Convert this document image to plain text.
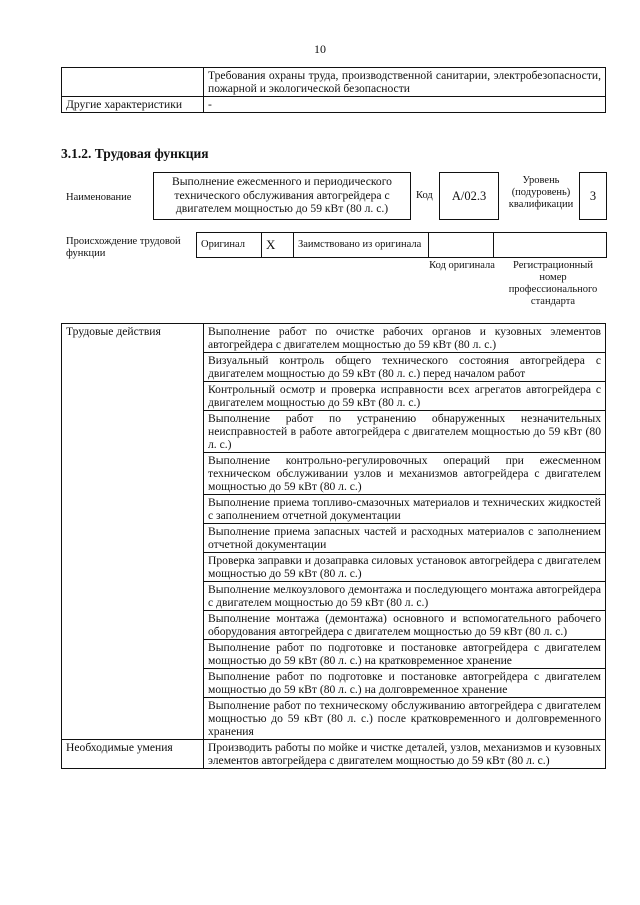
10
	Требования охраны труда, производственной санитарии, электробезопасности, пожарной и экологической безопасности
Другие характеристики	-
3.1.2. Трудовая функция
Наименование
Выполнение ежесменного и периодического технического обслуживания автогрейдера с двигателем мощностью до 59 кВт (80 л. с.)
Код	A/02.3
Уровень (подуровень) квалификации
3
Происхождение трудовой функции
Оригинал	X	Заимствовано из оригинала		
Код оригинала	Регистрационный номер профессионального стандарта
Трудовые действия	Выполнение работ по очистке рабочих органов и кузовных элементов автогрейдера с двигателем мощностью до 59 кВт (80 л. с.)
	Визуальный контроль общего технического состояния автогрейдера с двигателем мощностью до 59 кВт (80 л. с.) перед началом работ
	Контрольный осмотр и проверка исправности всех агрегатов автогрейдера с двигателем мощностью до 59 кВт (80 л. с.)
	Выполнение работ по устранению обнаруженных незначительных неисправностей в работе автогрейдера с двигателем мощностью до 59 кВт (80 л. с.)
	Выполнение контрольно-регулировочных операций при ежесменном техническом обслуживании узлов и механизмов автогрейдера с двигателем мощностью до 59 кВт (80 л. с.)
	Выполнение приема топливо-смазочных материалов и технических жидкостей с заполнением отчетной документации
	Выполнение приема запасных частей и расходных материалов с заполнением отчетной документации
	Проверка заправки и дозаправка силовых установок автогрейдера с двигателем мощностью до 59 кВт (80 л. с.)
	Выполнение мелкоузлового демонтажа и последующего монтажа автогрейдера с двигателем мощностью до 59 кВт (80 л. с.)
	Выполнение монтажа (демонтажа) основного и вспомогательного рабочего оборудования автогрейдера с двигателем мощностью до 59 кВт (80 л. с.)
	Выполнение работ по подготовке и постановке автогрейдера с двигателем мощностью до 59 кВт (80 л. с.) на кратковременное хранение
	Выполнение работ по подготовке и постановке автогрейдера с двигателем мощностью до 59 кВт (80 л. с.) на долговременное хранение
	Выполнение работ по техническому обслуживанию автогрейдера с двигателем мощностью до 59 кВт (80 л. с.) после кратковременного и долговременного хранения
Необходимые умения	Производить работы по мойке и чистке деталей, узлов, механизмов и кузовных элементов автогрейдера с двигателем мощностью до 59 кВт (80 л. с.)
